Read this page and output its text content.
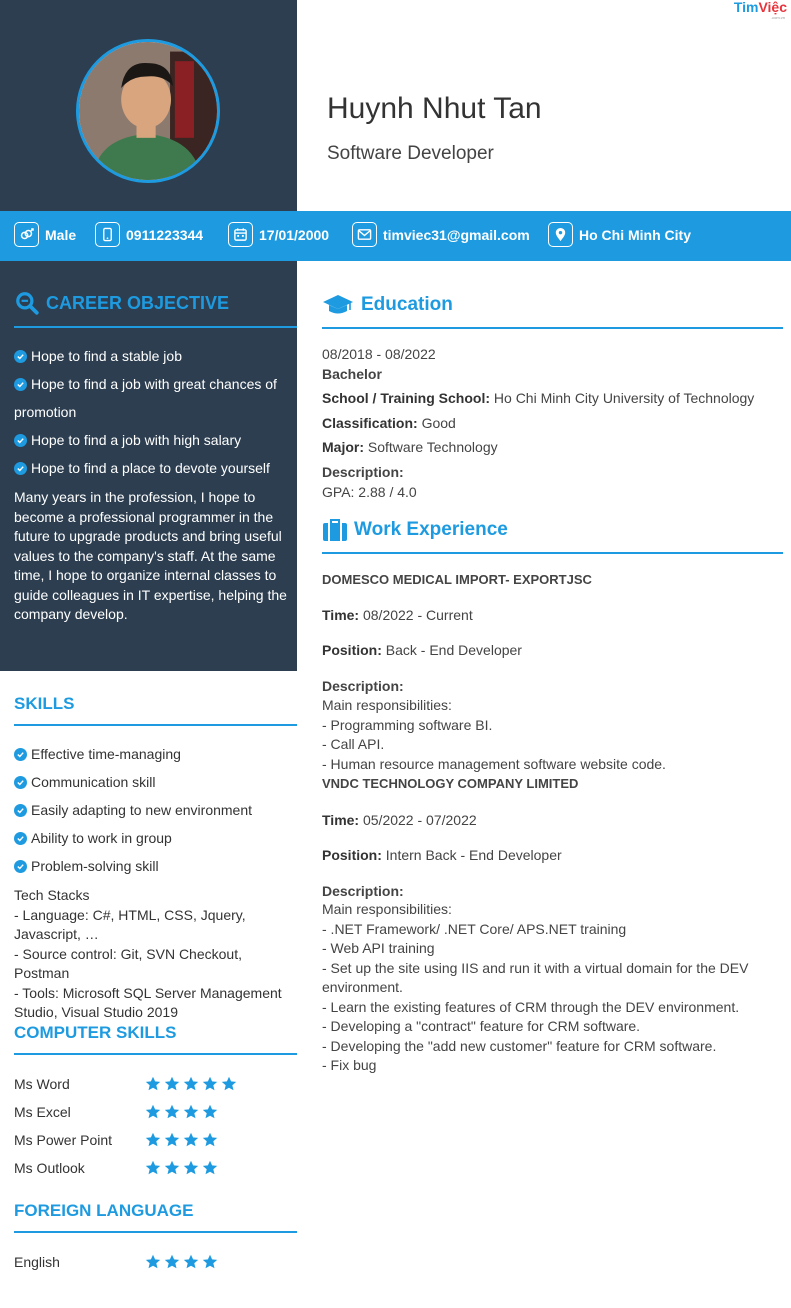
TimViệc
.com.vn
Huynh Nhut Tan
Software Developer
Male	0911223344	17/01/2000	timviec31@gmail.com	Ho Chi Minh City
CAREER OBJECTIVE
Hope to find a stable job
Hope to find a job with great chances of
promotion
Hope to find a job with high salary
Hope to find a place to devote yourself
Many years in the profession, I hope to
become a professional programmer in the
future to upgrade products and bring useful
values to the company's staff. At the same
time, I hope to organize internal classes to
guide colleagues in IT expertise, helping the
company develop.
SKILLS
Effective time-managing
Communication skill
Easily adapting to new environment
Ability to work in group
Problem-solving skill
Tech Stacks
- Language: C#, HTML, CSS, Jquery,
Javascript, …
- Source control: Git, SVN Checkout, Postman
- Tools: Microsoft SQL Server Management
Studio, Visual Studio 2019
COMPUTER SKILLS
Ms Word
Ms Excel
Ms Power Point
Ms Outlook
FOREIGN LANGUAGE
English
Education
08/2018 - 08/2022
Bachelor
School / Training School: Ho Chi Minh City University of Technology
Classification: Good
Major: Software Technology
Description:
GPA: 2.88 / 4.0
Work Experience
DOMESCO MEDICAL IMPORT- EXPORTJSC
Time: 08/2022 - Current
Position: Back - End Developer
Description:
Main responsibilities:
- Programming software BI.
- Call API.
- Human resource management software website code.
VNDC TECHNOLOGY COMPANY LIMITED
Time: 05/2022 - 07/2022
Position: Intern Back - End Developer
Description:
Main responsibilities:
- .NET Framework/ .NET Core/ APS.NET training
- Web API training
- Set up the site using IIS and run it with a virtual domain for the DEV
environment.
- Learn the existing features of CRM through the DEV environment.
- Developing a "contract" feature for CRM software.
- Developing the "add new customer" feature for CRM software.
- Fix bug
